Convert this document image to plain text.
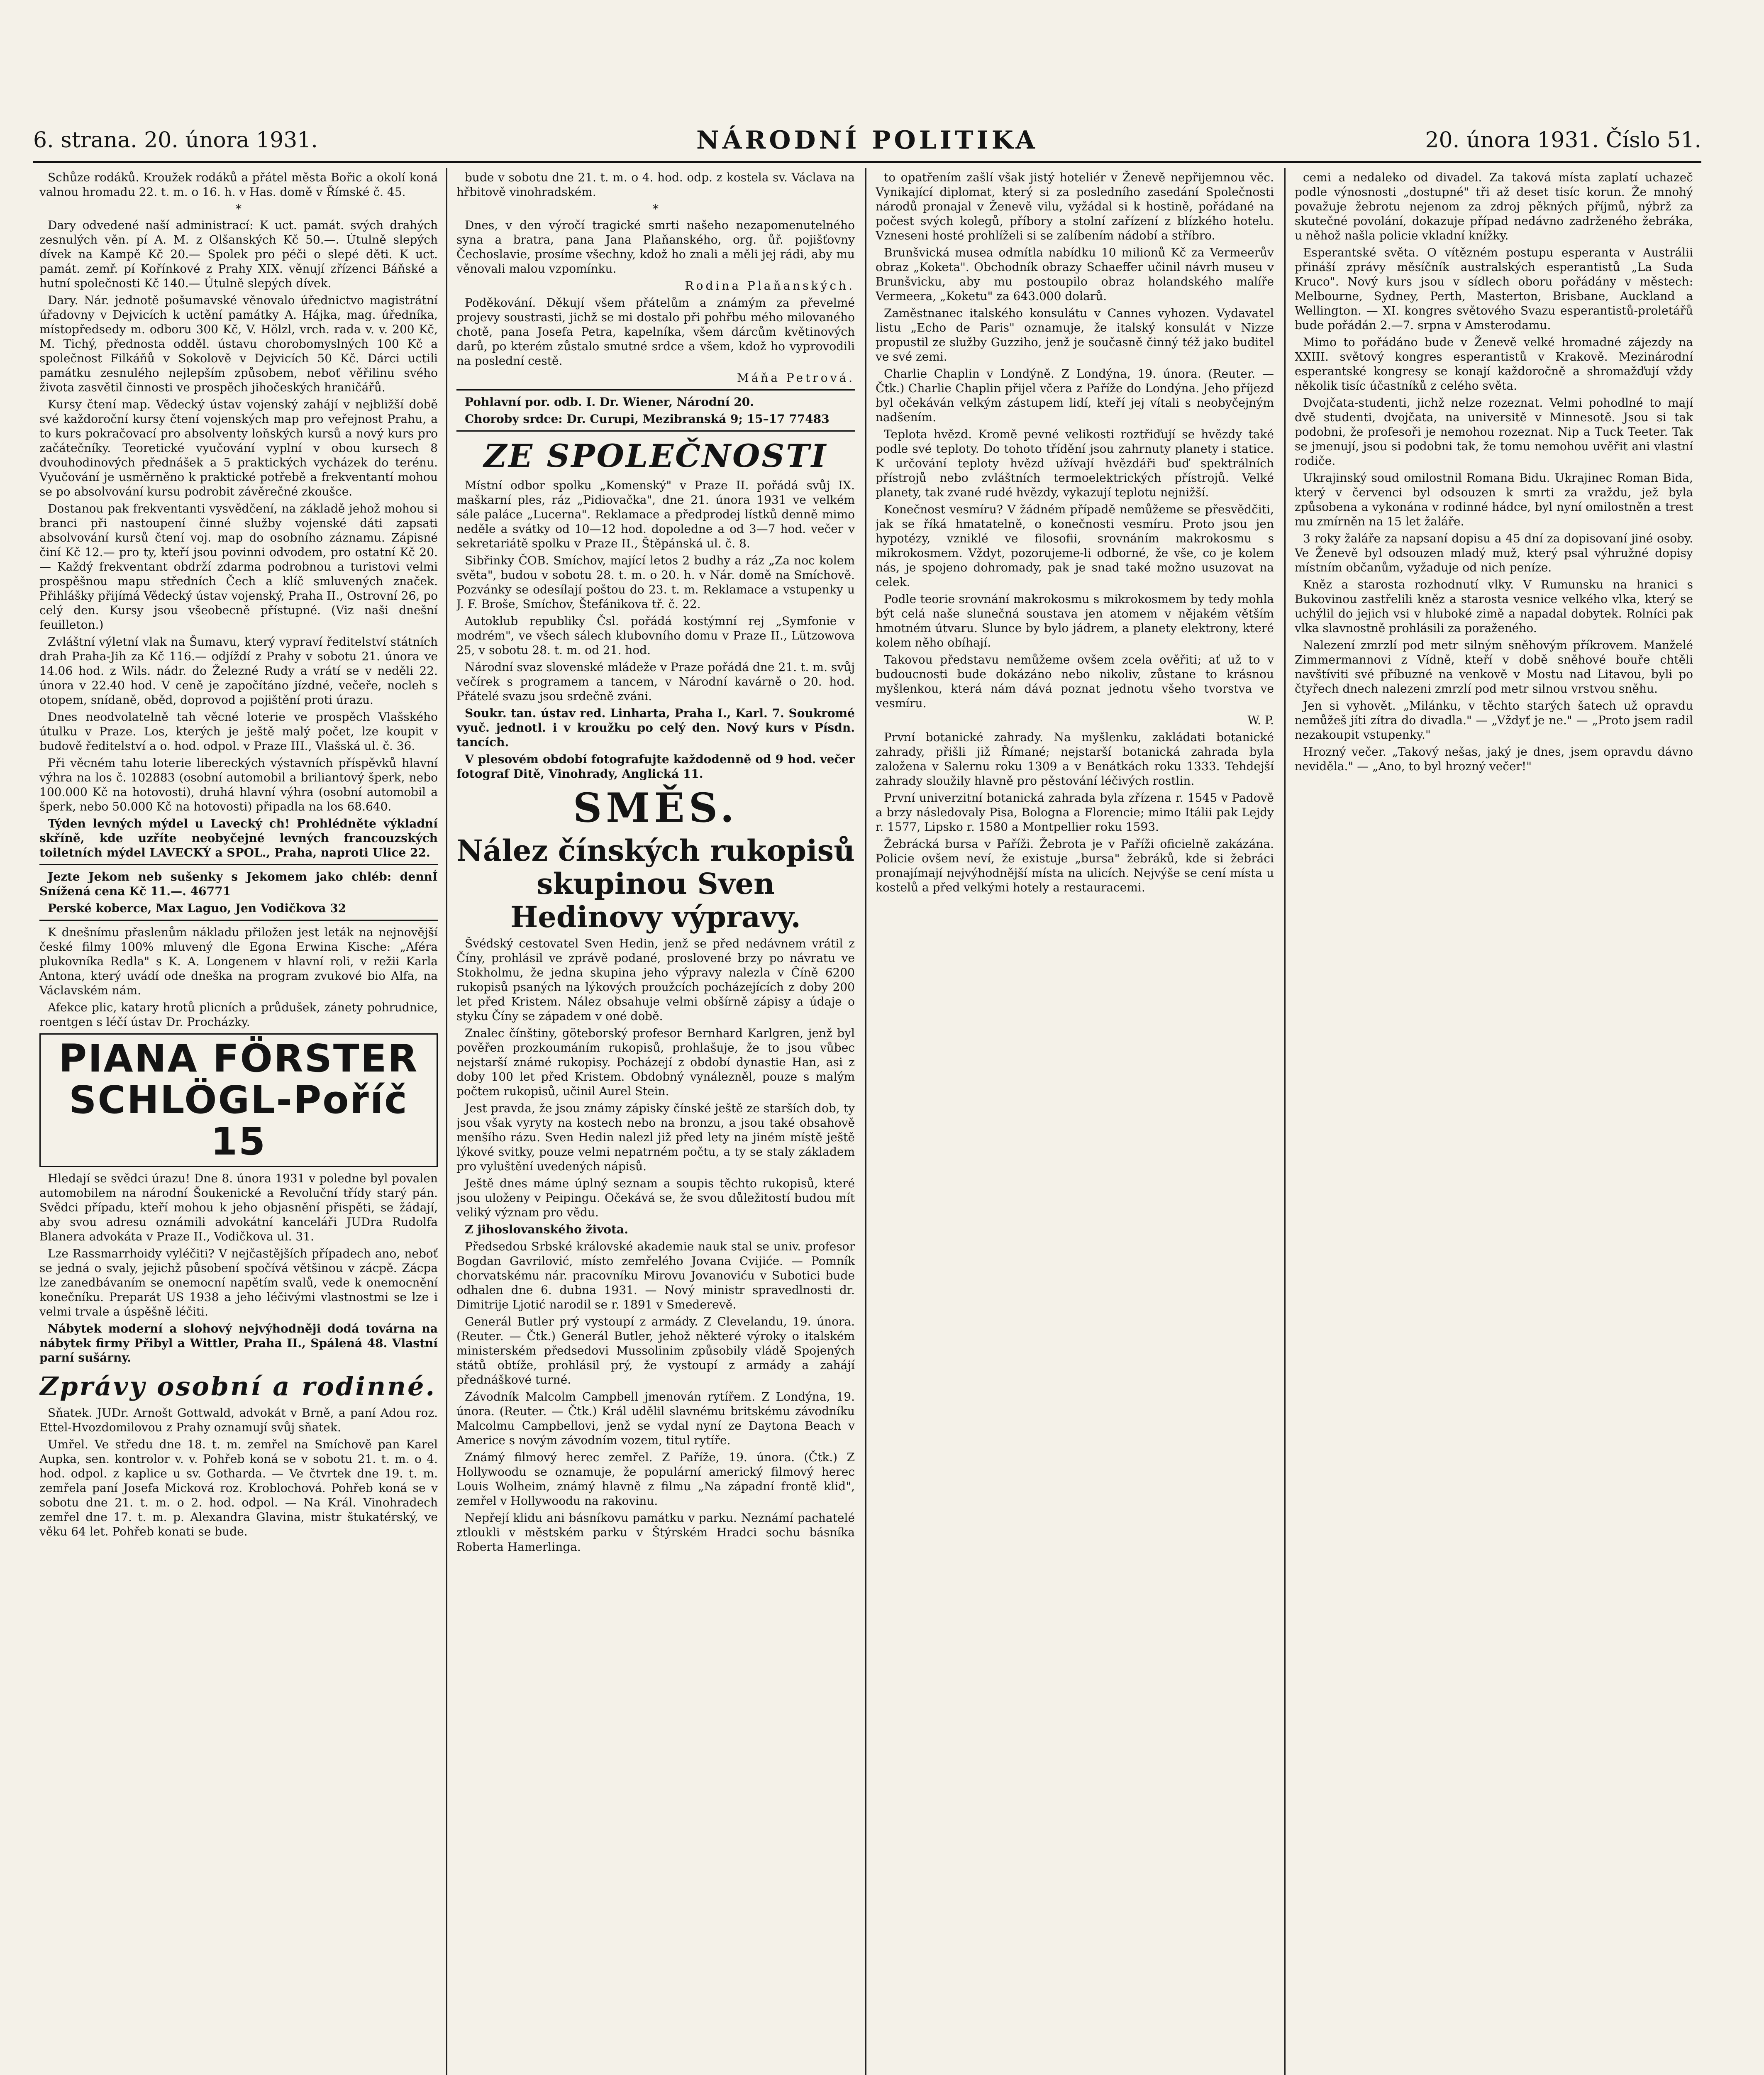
6. strana. 20. února 1931.	NÁRODNÍ POLITIKA	20. února 1931. Číslo 51.

Schůze rodáků. Kroužek rodáků a přátel města Bořic a okolí koná valnou hromadu 22. t. m. o 16. h. v Has. domě v Římské č. 45.

*

Dary odvedené naší administrací: K uct. památ. svých drahých zesnulých věn. pí A. M. z Olšanských Kč 50.—. Útulně slepých dívek na Kampě Kč 20.— Spolek pro péči o slepé děti. K uct. památ. zemř. pí Kořínkové z Prahy XIX. věnují zřízenci Báňské a hutní společnosti Kč 140.— Útulně slepých dívek.

Dary. Nár. jednotě pošumavské věnovalo úřednictvo magistrátní úřadovny v Dejvicích k uctění památky A. Hájka, mag. úředníka, místopředsedy m. odboru 300 Kč, V. Hölzl, vrch. rada v. v. 200 Kč, M. Tichý, přednosta odděl. ústavu chorobomyslných 100 Kč a společnost Filkáňů v Sokolově v Dejvicích 50 Kč. Dárci uctili památku zesnulého nejlepším způsobem, neboť věřilinu svého života zasvětil činnosti ve prospěch jihočeských hraničářů.

Kursy čtení map. Vědecký ústav vojenský zahájí v nejbližší době své každoroční kursy čtení vojenských map pro veřejnost Prahu, a to kurs pokračovací pro absolventy loňských kursů a nový kurs pro začátečníky. Teoretické vyučování vyplní v obou kursech 8 dvouhodinových přednášek a 5 praktických vycházek do terénu. Vyučování je usměrněno k praktické potřebě a frekventantí mohou se po absolvování kursu podrobit závěrečné zkoušce.

Dostanou pak frekventanti vysvědčení, na základě jehož mohou si branci při nastoupení činné služby vojenské dáti zapsati absolvování kursů čtení voj. map do osobního záznamu. Zápisné činí Kč 12.— pro ty, kteří jsou povinni odvodem, pro ostatní Kč 20.— Každý frekventant obdrží zdarma podrobnou a turistovi velmi prospěšnou mapu středních Čech a klíč smluvených značek. Přihlášky přijímá Vědecký ústav vojenský, Praha II., Ostrovní 26, po celý den. Kursy jsou všeobecně přístupné. (Viz naši dnešní feuilleton.)

Zvláštní výletní vlak na Šumavu, který vypraví ředitelství státních drah Praha-Jih za Kč 116.— odjíždí z Prahy v sobotu 21. února ve 14.06 hod. z Wils. nádr. do Železné Rudy a vrátí se v neděli 22. února v 22.40 hod. V ceně je započítáno jízdné, večeře, nocleh s otopem, snídaně, oběd, doprovod a pojištění proti úrazu.

Dnes neodvolatelně tah věcné loterie ve prospěch Vlašského útulku v Praze. Los, kterých je ještě malý počet, lze koupit v budově ředitelství a o. hod. odpol. v Praze III., Vlašská ul. č. 36.

Při věcném tahu loterie libereckých výstavních příspěvků hlavní výhra na los č. 102883 (osobní automobil a briliantový šperk, nebo 100.000 Kč na hotovosti), druhá hlavní výhra (osobní automobil a šperk, nebo 50.000 Kč na hotovosti) připadla na los 68.640.

Týden levných mýdel u Lavecký ch! Prohlédněte výkladní skříně, kde uzříte neobyčejné levných francouzských toiletních mýdel LAVECKÝ a SPOL., Praha, naproti Ulice 22.

Jezte Jekom neb sušenky s Jekomem jako chléb: dennÍ Snížená cena Kč 11.—. 46771

Perské koberce, Max Laguo, Jen Vodičkova 32

K dnešnímu přaslenům nákladu přiložen jest leták na nejnovější české filmy 100% mluvený dle Egona Erwina Kische: „Aféra plukovníka Redla" s K. A. Longenem v hlavní roli, v režii Karla Antona, který uvádí ode dneška na program zvukové bio Alfa, na Václavském nám.

Afekce plic, katary hrotů plicních a průdušek, zánety pohrudnice, roentgen s léčí ústav Dr. Procházky.

PIANA FÖRSTER
SCHLÖGL-Poříč 15

Hledají se svědci úrazu! Dne 8. února 1931 v poledne byl povalen automobilem na národní Šoukenické a Revoluční třídy starý pán. Svědci případu, kteří mohou k jeho objasnění přispěti, se žádají, aby svou adresu oznámili advokátní kanceláři JUDra Rudolfa Blanera advokáta v Praze II., Vodičkova ul. 31.

Lze Rassmarrhoidy vyléčiti? V nejčastějších případech ano, neboť se jedná o svaly, jejichž působení spočívá většinou v zácpě. Zácpa lze zanedbávaním se onemocní napětím svalů, vede k onemocnění konečníku. Preparát US 1938 a jeho léčivými vlastnostmi se lze i velmi trvale a úspěšně léčiti.

Nábytek moderní a slohový nejvýhodněji dodá továrna na nábytek firmy Přibyl a Wittler, Praha II., Spálená 48. Vlastní parní sušárny.

Zprávy osobní a rodinné.

Sňatek. JUDr. Arnošt Gottwald, advokát v Brně, a paní Adou roz. Ettel-Hvozdomilovou z Prahy oznamují svůj sňatek.

Umřel. Ve středu dne 18. t. m. zemřel na Smíchově pan Karel Aupka, sen. kontrolor v. v. Pohřeb koná se v sobotu 21. t. m. o 4. hod. odpol. z kaplice u sv. Gotharda. — Ve čtvrtek dne 19. t. m. zemřela paní Josefa Micková roz. Kroblochová. Pohřeb koná se v sobotu dne 21. t. m. o 2. hod. odpol. — Na Král. Vinohradech zemřel dne 17. t. m. p. Alexandra Glavina, mistr štukatérský, ve věku 64 let. Pohřeb konati se bude.

bude v sobotu dne 21. t. m. o 4. hod. odp. z kostela sv. Václava na hřbitově vinohradském.

*

Dnes, v den výročí tragické smrti našeho nezapomenutelného syna a bratra, pana Jana Plaňanského, org. ůř. pojišťovny Čechoslavie, prosíme všechny, kdož ho znali a měli jej rádi, aby mu věnovali malou vzpomínku.

Rodina Plaňanských.

Poděkování. Děkují všem přátelům a známým za převelmé projevy soustrasti, jichž se mi dostalo při pohřbu mého milovaného chotě, pana Josefa Petra, kapelníka, všem dárcům květinových darů, po kterém zůstalo smutné srdce a všem, kdož ho vyprovodili na poslední cestě.

Máňa Petrová.

Pohlavní por. odb. I. Dr. Wiener, Národní 20.

Choroby srdce: Dr. Curupi, Mezibranská 9; 15–17 77483

ZE SPOLEČNOSTI

Místní odbor spolku „Komenský" v Praze II. pořádá svůj IX. maškarní ples, ráz „Pidiovačka", dne 21. února 1931 ve velkém sále paláce „Lucerna". Reklamace a předprodej lístků denně mimo neděle a svátky od 10—12 hod. dopoledne a od 3—7 hod. večer v sekretariátě spolku v Praze II., Štěpánská ul. č. 8.

Sibřinky ČOB. Smíchov, mající letos 2 budhy a ráz „Za noc kolem světa", budou v sobotu 28. t. m. o 20. h. v Nár. domě na Smíchově. Pozvánky se odesílají poštou do 23. t. m. Reklamace a vstupenky u J. F. Broše, Smíchov, Štefánikova tř. č. 22.

Autoklub republiky Čsl. pořádá kostýmní rej „Symfonie v modrém", ve všech sálech klubovního domu v Praze II., Lützowova 25, v sobotu 28. t. m. od 21. hod.

Národní svaz slovenské mládeže v Praze pořádá dne 21. t. m. svůj večírek s programem a tancem, v Národní kavárně o 20. hod. Přátelé svazu jsou srdečně zváni.

Soukr. tan. ústav red. Linharta, Praha I., Karl. 7. Soukromé vyuč. jednotl. i v kroužku po celý den. Nový kurs v Písdn. tancích.

V plesovém období fotografujte každodenně od 9 hod. večer fotograf Ditě, Vinohrady, Anglická 11.

SMĚS.
Nález čínských rukopisů skupinou Sven Hedinovy výpravy.

Švédský cestovatel Sven Hedin, jenž se před nedávnem vrátil z Číny, prohlásil ve zprávě podané, proslovené brzy po návratu ve Stokholmu, že jedna skupina jeho výpravy nalezla v Číně 6200 rukopisů psaných na lýkových proužcích pocházejících z doby 200 let před Kristem. Nález obsahuje velmi obšírně zápisy a údaje o styku Číny se západem v oné době.

Znalec čínštiny, göteborský profesor Bernhard Karlgren, jenž byl pověřen prozkoumáním rukopisů, prohlašuje, že to jsou vůbec nejstarší známé rukopisy. Pocházejí z období dynastie Han, asi z doby 100 let před Kristem. Obdobný vynálezněl, pouze s malým počtem rukopisů, učinil Aurel Stein.

Jest pravda, že jsou známy zápisky čínské ještě ze starších dob, ty jsou však vyryty na kostech nebo na bronzu, a jsou také obsahově menšího rázu. Sven Hedin nalezl již před lety na jiném místě ještě lýkové svitky, pouze velmi nepatrném počtu, a ty se staly základem pro vyluštění uvedených nápisů.

Ještě dnes máme úplný seznam a soupis těchto rukopisů, které jsou uloženy v Peipingu. Očekává se, že svou důležitostí budou mít veliký význam pro vědu.

Z jihoslovanského života.

Předsedou Srbské královské akademie nauk stal se univ. profesor Bogdan Gavrilović, místo zemřelého Jovana Cvijiće. — Pomník chorvatskému nár. pracovníku Mirovu Jovanoviću v Subotici bude odhalen dne 6. dubna 1931. — Nový ministr spravedlnosti dr. Dimitrije Ljotić narodil se r. 1891 v Smederevě.

Generál Butler prý vystoupí z armády. Z Clevelandu, 19. února. (Reuter. — Čtk.) Generál Butler, jehož některé výroky o italském ministerském předsedovi Mussolinim způsobily vládě Spojených států obtíže, prohlásil prý, že vystoupí z armády a zahájí přednáškové turné.

Závodník Malcolm Campbell jmenován rytířem. Z Londýna, 19. února. (Reuter. — Čtk.) Král udělil slavnému britskému závodníku Malcolmu Campbellovi, jenž se vydal nyní ze Daytona Beach v Americe s novým závodním vozem, titul rytíře.

Známý filmový herec zemřel. Z Paříže, 19. února. (Čtk.) Z Hollywoodu se oznamuje, že populární americký filmový herec Louis Wolheim, známý hlavně z filmu „Na západní frontě klid", zemřel v Hollywoodu na rakovinu.

Nepřejí klidu ani básníkovu památku v parku. Neznámí pachatelé ztloukli v městském parku v Štýrském Hradci sochu básníka Roberta Hamerlinga.

to opatřením zašlí však jistý hoteliér v Ženevě nepřijemnou věc. Vynikající diplomat, který si za posledního zasedání Společnosti národů pronajal v Ženevě vilu, vyžádal si k hostině, pořádané na počest svých kolegů, příbory a stolní zařízení z blízkého hotelu. Vzneseni hosté prohlíželi si se zalíbením nádobí a stříbro.

Brunšvická musea odmítla nabídku 10 milionů Kč za Vermeerův obraz „Koketa". Obchodník obrazy Schaeffer učinil návrh museu v Brunšvicku, aby mu postoupilo obraz holandského malíře Vermeera, „Koketu" za 643.000 dolarů.

Zaměstnanec italského konsulátu v Cannes vyhozen. Vydavatel listu „Echo de Paris" oznamuje, že italský konsulát v Nizze propustil ze služby Guzziho, jenž je současně činný též jako buditel ve své zemi.

Charlie Chaplin v Londýně. Z Londýna, 19. února. (Reuter. — Čtk.) Charlie Chaplin přijel včera z Paříže do Londýna. Jeho příjezd byl očekáván velkým zástupem lidí, kteří jej vítali s neobyčejným nadšením.

Teplota hvězd. Kromě pevné velikosti roztřiďují se hvězdy také podle své teploty. Do tohoto třídění jsou zahrnuty planety i statice. K určování teploty hvězd užívají hvězdáři buď spektrálních přístrojů nebo zvláštních termoelektrických přístrojů. Velké planety, tak zvané rudé hvězdy, vykazují teplotu nejnižší.

Konečnost vesmíru? V žádném případě nemůžeme se přesvědčiti, jak se říká hmatatelně, o konečnosti vesmíru. Proto jsou jen hypotézy, vzniklé ve filosofii, srovnáním makrokosmu s mikrokosmem. Vždyt, pozorujeme-li odborné, že vše, co je kolem nás, je spojeno dohromady, pak je snad také možno usuzovat na celek.

Podle teorie srovnání makrokosmu s mikrokosmem by tedy mohla být celá naše slunečná soustava jen atomem v nějakém větším hmotném útvaru. Slunce by bylo jádrem, a planety elektrony, které kolem něho obíhají.

Takovou představu nemůžeme ovšem zcela ověřiti; ať už to v budoucnosti bude dokázáno nebo nikoliv, zůstane to krásnou myšlenkou, která nám dává poznat jednotu všeho tvorstva ve vesmíru.

W. P.

První botanické zahrady. Na myšlenku, zakládati botanické zahrady, přišli již Římané; nejstarší botanická zahrada byla založena v Salernu roku 1309 a v Benátkách roku 1333. Tehdejší zahrady sloužily hlavně pro pěstování léčivých rostlin.

První univerzitní botanická zahrada byla zřízena r. 1545 v Padově a brzy následovaly Pisa, Bologna a Florencie; mimo Itálii pak Lejdy r. 1577, Lipsko r. 1580 a Montpellier roku 1593.

Žebrácká bursa v Paříži. Žebrota je v Paříži oficielně zakázána. Policie ovšem neví, že existuje „bursa" žebráků, kde si žebráci pronajímají nejvýhodnější místa na ulicích. Nejvýše se cení místa u kostelů a před velkými hotely a restauracemi.

cemi a nedaleko od divadel. Za taková místa zaplatí uchazeč podle výnosnosti „dostupné" tři až deset tisíc korun. Že mnohý považuje žebrotu nejenom za zdroj pěkných příjmů, nýbrž za skutečné povolání, dokazuje případ nedávno zadrženého žebráka, u něhož našla policie vkladní knížky.

Esperantské světa. O vítězném postupu esperanta v Austrálii přináší zprávy měsíčník australských esperantistů „La Suda Kruco". Nový kurs jsou v sídlech oboru pořádány v městech: Melbourne, Sydney, Perth, Masterton, Brisbane, Auckland a Wellington. — XI. kongres světového Svazu esperantistů-proletářů bude pořádán 2.—7. srpna v Amsterodamu.

Mimo to pořádáno bude v Ženevě velké hromadné zájezdy na XXIII. světový kongres esperantistů v Krakově. Mezinárodní esperantské kongresy se konají každoročně a shromažďují vždy několik tisíc účastníků z celého světa.

Dvojčata-studenti, jichž nelze rozeznat. Velmi pohodlné to mají dvě studenti, dvojčata, na universitě v Minnesotě. Jsou si tak podobni, že profesoři je nemohou rozeznat. Nip a Tuck Teeter. Tak se jmenují, jsou si podobni tak, že tomu nemohou uvěřit ani vlastní rodiče.

Ukrajinský soud omilostnil Romana Bidu. Ukrajinec Roman Bida, který v červenci byl odsouzen k smrti za vraždu, jež byla způsobena a vykonána v rodinné hádce, byl nyní omilostněn a trest mu zmírněn na 15 let žaláře.

3 roky žaláře za napsaní dopisu a 45 dní za dopisovaní jiné osoby. Ve Ženevě byl odsouzen mladý muž, který psal výhružné dopisy místním občanům, vyžaduje od nich peníze.

Kněz a starosta rozhodnutí vlky. V Rumunsku na hranici s Bukovinou zastřelili kněz a starosta vesnice velkého vlka, který se uchýlil do jejich vsi v hluboké zimě a napadal dobytek. Rolníci pak vlka slavnostně prohlásili za poraženého.

Nalezení zmrzlí pod metr silným sněhovým příkrovem. Manželé Zimmermannovi z Vídně, kteří v době sněhové bouře chtěli navštíviti své příbuzné na venkově v Mostu nad Litavou, byli po čtyřech dnech nalezeni zmrzlí pod metr silnou vrstvou sněhu.

Jen si vyhovět. „Milánku, v těchto starých šatech už opravdu nemůžeš jíti zítra do divadla." — „Vždyť je ne." — „Proto jsem radil nezakoupit vstupenky."

Hrozný večer. „Takový nešas, jaký je dnes, jsem opravdu dávno neviděla." — „Ano, to byl hrozný večer!"
